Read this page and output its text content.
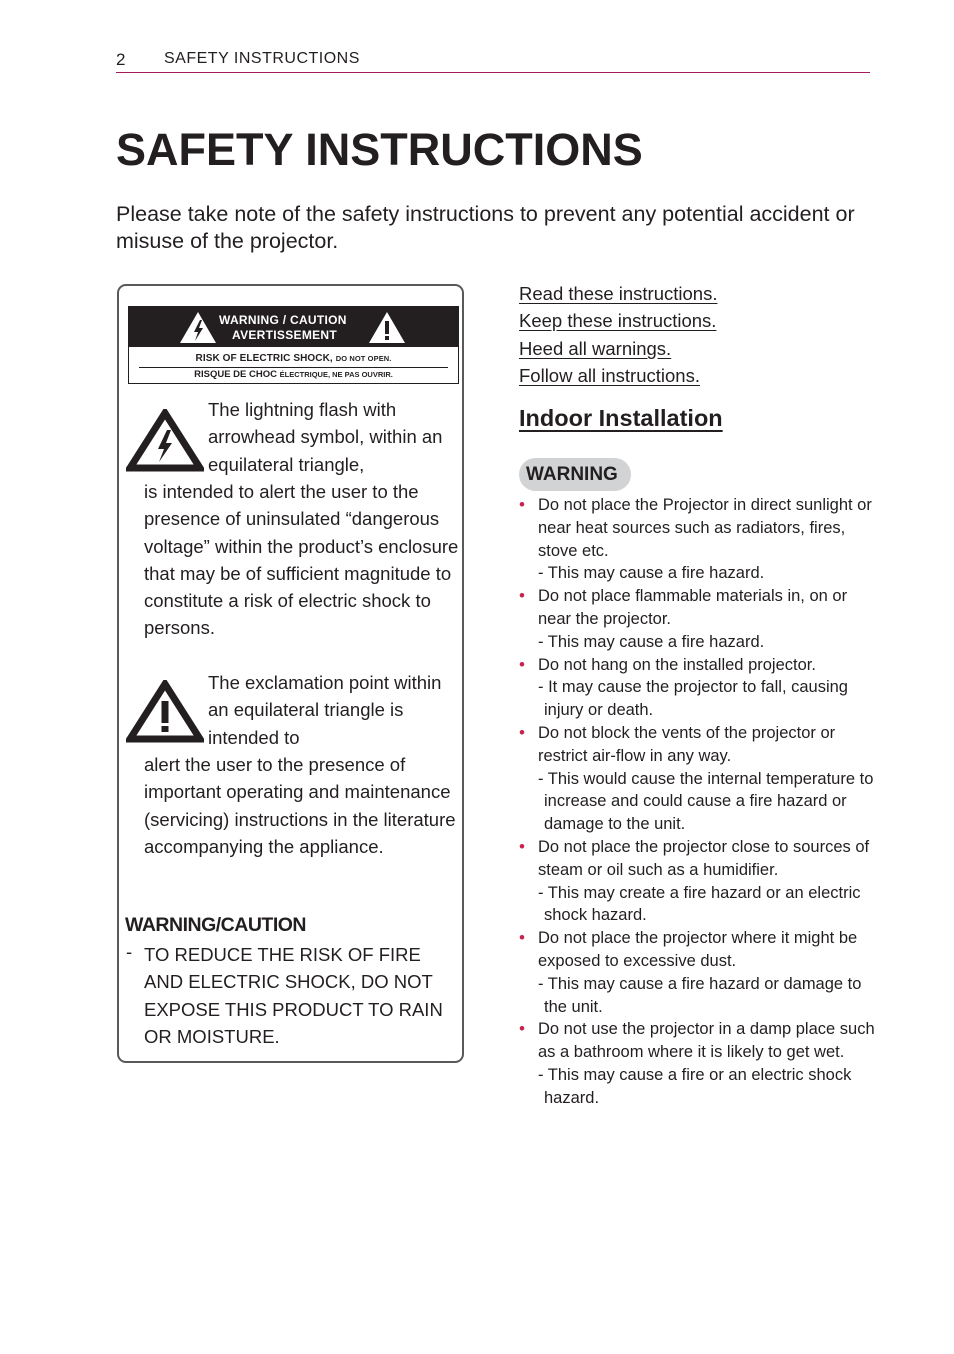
2 SAFETY INSTRUCTIONS
SAFETY INSTRUCTIONS

Please take note of the safety instructions to prevent any potential accident or misuse of the projector.

WARNING / CAUTION
AVERTISSEMENT
RISK OF ELECTRIC SHOCK, DO NOT OPEN.
RISQUE DE CHOC ÉLECTRIQUE, NE PAS OUVRIR.

The lightning flash with arrowhead symbol, within an equilateral triangle,

is intended to alert the user to the presence of uninsulated “dangerous voltage” within the product’s enclosure that may be of sufficient magnitude to constitute a risk of electric shock to persons.

The exclamation point within an equilateral triangle is intended to

alert the user to the presence of important operating and maintenance (servicing) instructions in the literature accompanying the appliance.

WARNING/CAUTION
- TO REDUCE THE RISK OF FIRE AND ELECTRIC SHOCK, DO NOT EXPOSE THIS PRODUCT TO RAIN OR MOISTURE.

Read these instructions.

Keep these instructions.

Heed all warnings.

Follow all instructions.

Indoor Installation
WARNING
• Do not place the Projector in direct sunlight or near heat sources such as radiators, fires, stove etc.

- This may cause a fire hazard.

• Do not place flammable materials in, on or near the projector.

- This may cause a fire hazard.

• Do not hang on the installed projector.

- It may cause the projector to fall, causing injury or death.

• Do not block the vents of the projector or restrict air-flow in any way.

- This would cause the internal temperature to increase and could cause a fire hazard or damage to the unit.

• Do not place the projector close to sources of steam or oil such as a humidifier.

- This may create a fire hazard or an electric shock hazard.

• Do not place the projector where it might be exposed to excessive dust.

- This may cause a fire hazard or damage to the unit.

• Do not use the projector in a damp place such as a bathroom where it is likely to get wet.

- This may cause a fire or an electric shock hazard.
